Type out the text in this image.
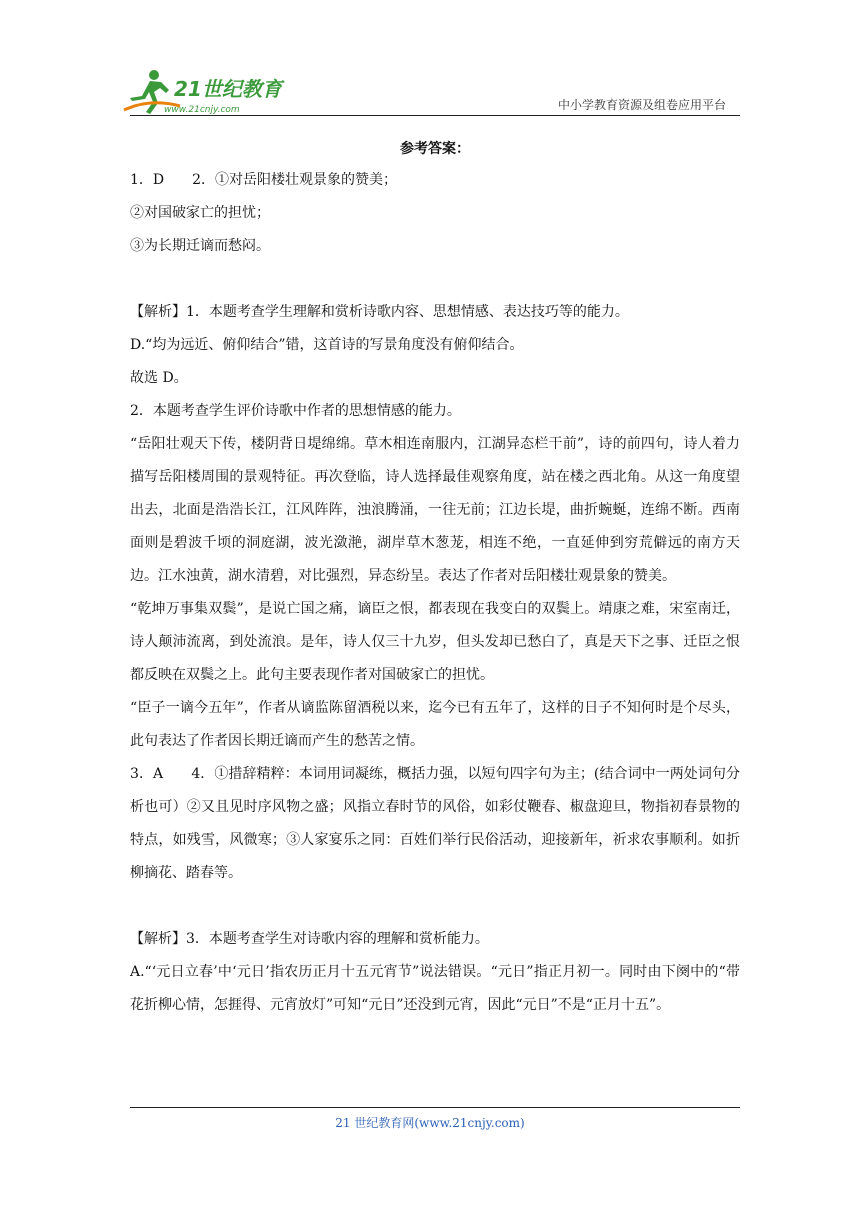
21世纪教育
www.21cnjy.com	中小学教育资源及组卷应用平台
参考答案：

1．D　　2．①对岳阳楼壮观景象的赞美；

②对国破家亡的担忧；

③为长期迁谪而愁闷。

【解析】1．本题考查学生理解和赏析诗歌内容、思想情感、表达技巧等的能力。

D.“均为远近、俯仰结合”错，这首诗的写景角度没有俯仰结合。

故选 D。

2．本题考查学生评价诗歌中作者的思想情感的能力。

“岳阳壮观天下传，楼阴背日堤绵绵。草木相连南服内，江湖异态栏干前”，诗的前四句，诗人着力描写岳阳楼周围的景观特征。再次登临，诗人选择最佳观察角度，站在楼之西北角。从这一角度望出去，北面是浩浩长江，江风阵阵，浊浪腾涌，一往无前；江边长堤，曲折蜿蜒，连绵不断。西南面则是碧波千顷的洞庭湖，波光潋滟，湖岸草木葱茏，相连不绝，一直延伸到穷荒僻远的南方天边。江水浊黄，湖水清碧，对比强烈，异态纷呈。表达了作者对岳阳楼壮观景象的赞美。

“乾坤万事集双鬓”，是说亡国之痛，谪臣之恨，都表现在我变白的双鬓上。靖康之难，宋室南迁，诗人颠沛流离，到处流浪。是年，诗人仅三十九岁，但头发却已愁白了，真是天下之事、迁臣之恨都反映在双鬓之上。此句主要表现作者对国破家亡的担忧。

“臣子一谪今五年”，作者从谪监陈留酒税以来，迄今已有五年了，这样的日子不知何时是个尽头，此句表达了作者因长期迁谪而产生的愁苦之情。

3．A　　4．①措辞精粹：本词用词凝练，概括力强，以短句四字句为主；(结合词中一两处词句分析也可）②又且见时序风物之盛；风指立春时节的风俗，如彩仗鞭春、椒盘迎旦，物指初春景物的特点，如残雪，风微寒；③人家宴乐之同：百姓们举行民俗活动，迎接新年，祈求农事顺利。如折柳摘花、踏春等。

【解析】3．本题考查学生对诗歌内容的理解和赏析能力。

A.“‘元日立春’中‘元日’指农历正月十五元宵节”说法错误。“元日”指正月初一。同时由下阕中的“带花折柳心情，怎捱得、元宵放灯”可知“元日”还没到元宵，因此“元日”不是“正月十五”。

21 世纪教育网(www.21cnjy.com)
